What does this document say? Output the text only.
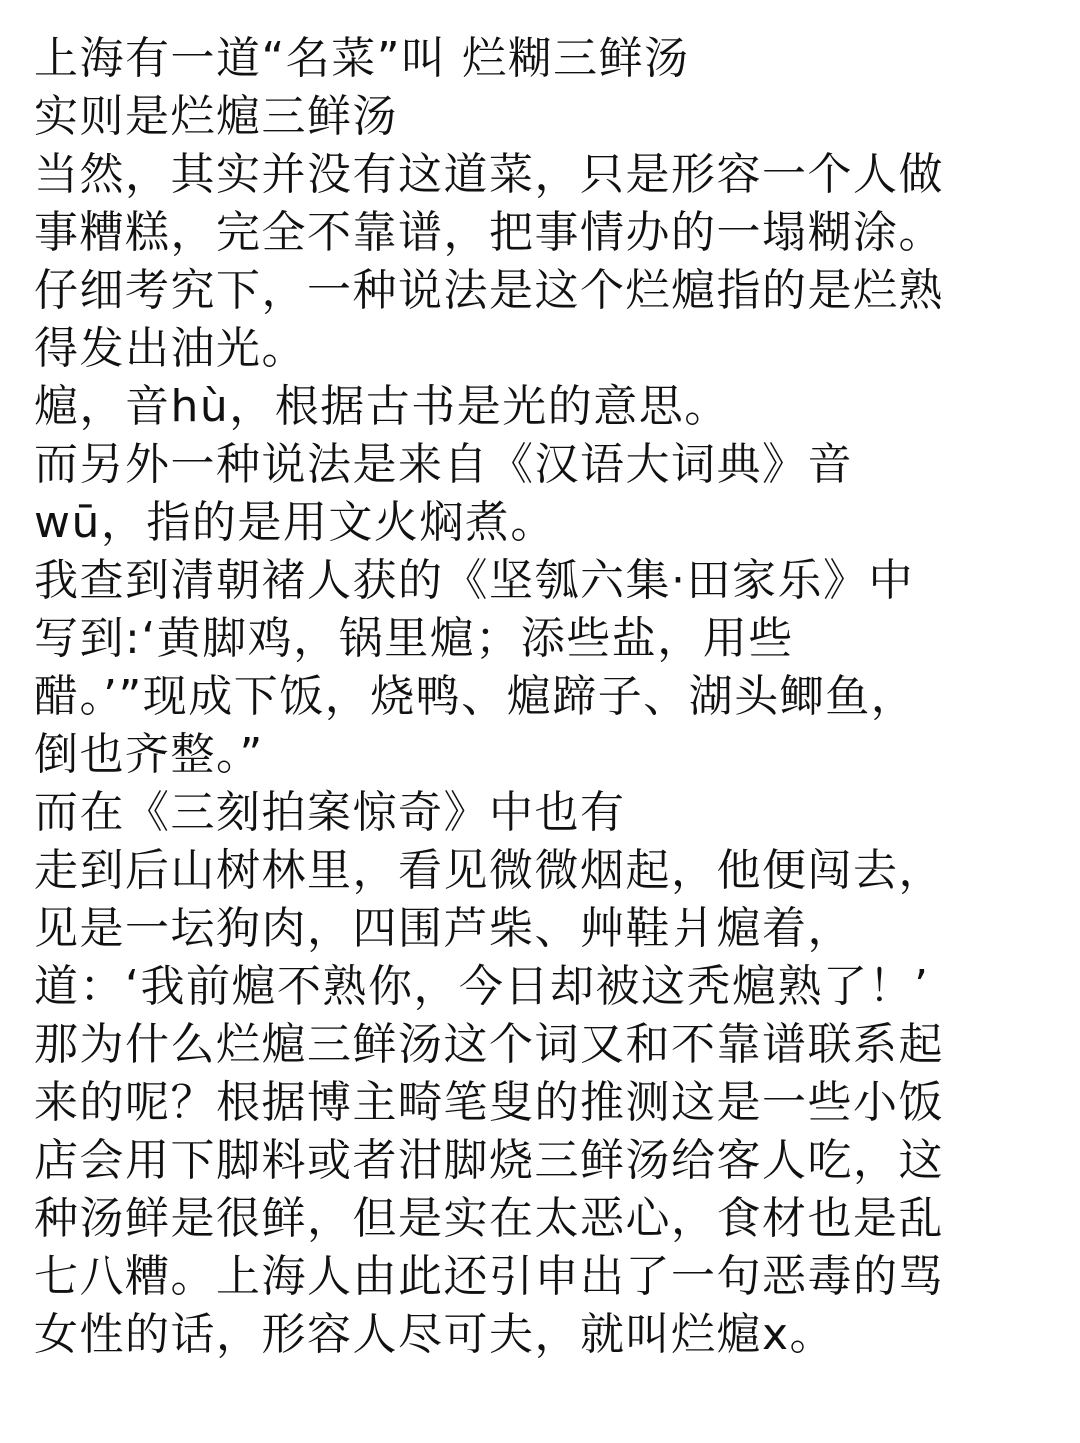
上海有一道“名菜”叫 烂糊三鲜汤
实则是烂熩三鲜汤
当然，其实并没有这道菜，只是形容一个人做
事糟糕，完全不靠谱，把事情办的一塌糊涂。
仔细考究下，一种说法是这个烂熩指的是烂熟
得发出油光。
熩，音hù，根据古书是光的意思。
而另外一种说法是来自《汉语大词典》音
wū，指的是用文火焖煮。
我查到清朝褚人获的《坚瓠六集·田家乐》中
写到:‘黄脚鸡，锅里熩；添些盐，用些
醋。’”现成下饭，烧鸭、熩蹄子、湖头鲫鱼，
倒也齐整。”
而在《三刻拍案惊奇》中也有
走到后山树林里，看见微微烟起，他便闯去，
见是一坛狗肉，四围芦柴、艸鞋爿熩着，
道：‘我前熩不熟你，今日却被这秃熩熟了！’
那为什么烂熩三鲜汤这个词又和不靠谱联系起
来的呢？根据博主畸笔叟的推测这是一些小饭
店会用下脚料或者泔脚烧三鲜汤给客人吃，这
种汤鲜是很鲜，但是实在太恶心，食材也是乱
七八糟。上海人由此还引申出了一句恶毒的骂
女性的话，形容人尽可夫，就叫烂熩x。
